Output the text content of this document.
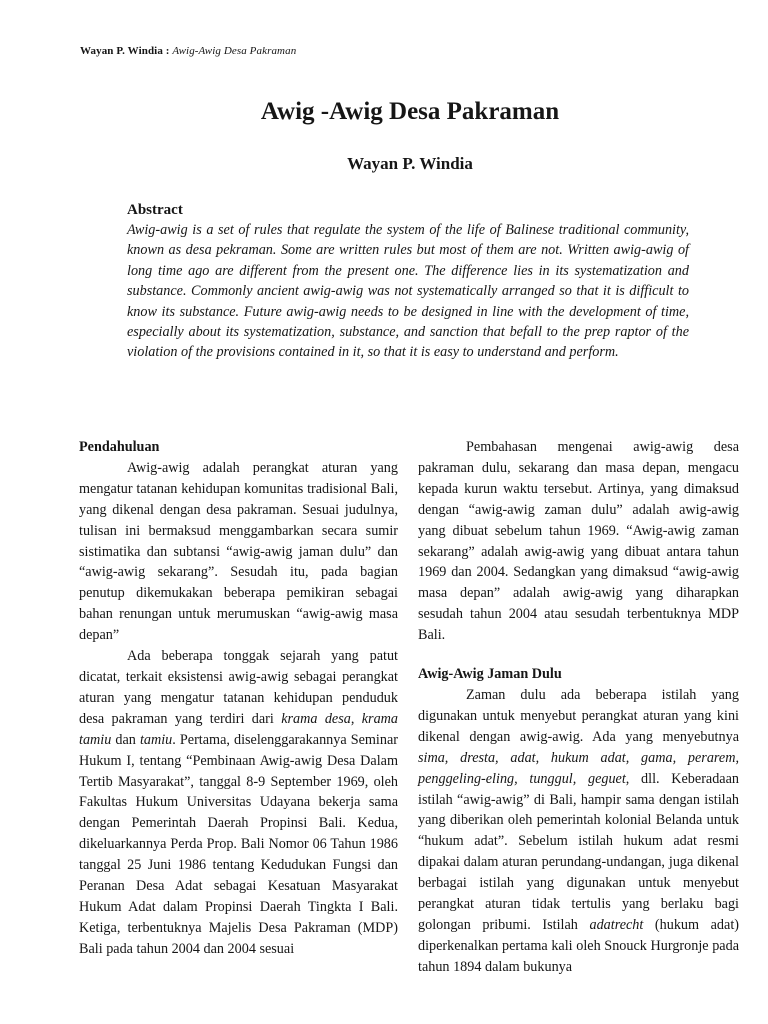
Wayan P. Windia : Awig-Awig Desa Pakraman
Awig -Awig Desa Pakraman
Wayan P. Windia
Abstract

Awig-awig is a set of rules that regulate the system of the life of Balinese traditional community, known as desa pekraman. Some are written rules but most of them are not. Written awig-awig of long time ago are different from the present one. The difference lies in its systematization and substance. Commonly ancient awig-awig was not systematically arranged so that it is difficult to know its substance. Future awig-awig needs to be designed in line with the development of time, especially about its systematization, substance, and sanction that befall to the prep raptor of the violation of the provisions contained in it, so that it is easy to understand and perform.

Pendahuluan

Awig-awig adalah perangkat aturan yang mengatur tatanan kehidupan komunitas tradisional Bali, yang dikenal dengan desa pakraman. Sesuai judulnya, tulisan ini bermaksud menggambarkan secara sumir sistimatika dan subtansi “awig-awig jaman dulu” dan “awig-awig sekarang”. Sesudah itu, pada bagian penutup dikemukakan beberapa pemikiran sebagai bahan renungan untuk merumuskan “awig-awig masa depan”

Ada beberapa tonggak sejarah yang patut dicatat, terkait eksistensi awig-awig sebagai perangkat aturan yang mengatur tatanan kehidupan penduduk desa pakraman yang terdiri dari krama desa, krama tamiu dan tamiu. Pertama, diselenggarakannya Seminar Hukum I, tentang “Pembinaan Awig-awig Desa Dalam Tertib Masyarakat”, tanggal 8-9 September 1969, oleh Fakultas Hukum Universitas Udayana bekerja sama dengan Pemerintah Daerah Propinsi Bali. Kedua, dikeluarkannya Perda Prop. Bali Nomor 06 Tahun 1986 tanggal 25 Juni 1986 tentang Kedudukan Fungsi dan Peranan Desa Adat sebagai Kesatuan Masyarakat Hukum Adat dalam Propinsi Daerah Tingkta I Bali. Ketiga, terbentuknya Majelis Desa Pakraman (MDP) Bali pada tahun 2004 dan 2004 sesuai

Pembahasan mengenai awig-awig desa pakraman dulu, sekarang dan masa depan, mengacu kepada kurun waktu tersebut. Artinya, yang dimaksud dengan “awig-awig zaman dulu” adalah awig-awig yang dibuat sebelum tahun 1969. “Awig-awig zaman sekarang” adalah awig-awig yang dibuat antara tahun 1969 dan 2004. Sedangkan yang dimaksud “awig-awig masa depan” adalah awig-awig yang diharapkan sesudah tahun 2004 atau sesudah terbentuknya MDP Bali.

Awig-Awig Jaman Dulu

Zaman dulu ada beberapa istilah yang digunakan untuk menyebut perangkat aturan yang kini dikenal dengan awig-awig. Ada yang menyebutnya sima, dresta, adat, hukum adat, gama, perarem, penggeling-eling, tunggul, geguet, dll. Keberadaan istilah “awig-awig” di Bali, hampir sama dengan istilah yang diberikan oleh pemerintah kolonial Belanda untuk “hukum adat”. Sebelum istilah hukum adat resmi dipakai dalam aturan perundang-undangan, juga dikenal berbagai istilah yang digunakan untuk menyebut perangkat aturan tidak tertulis yang berlaku bagi golongan pribumi. Istilah adatrecht (hukum adat) diperkenalkan pertama kali oleh Snouck Hurgronje pada tahun 1894 dalam bukunya
